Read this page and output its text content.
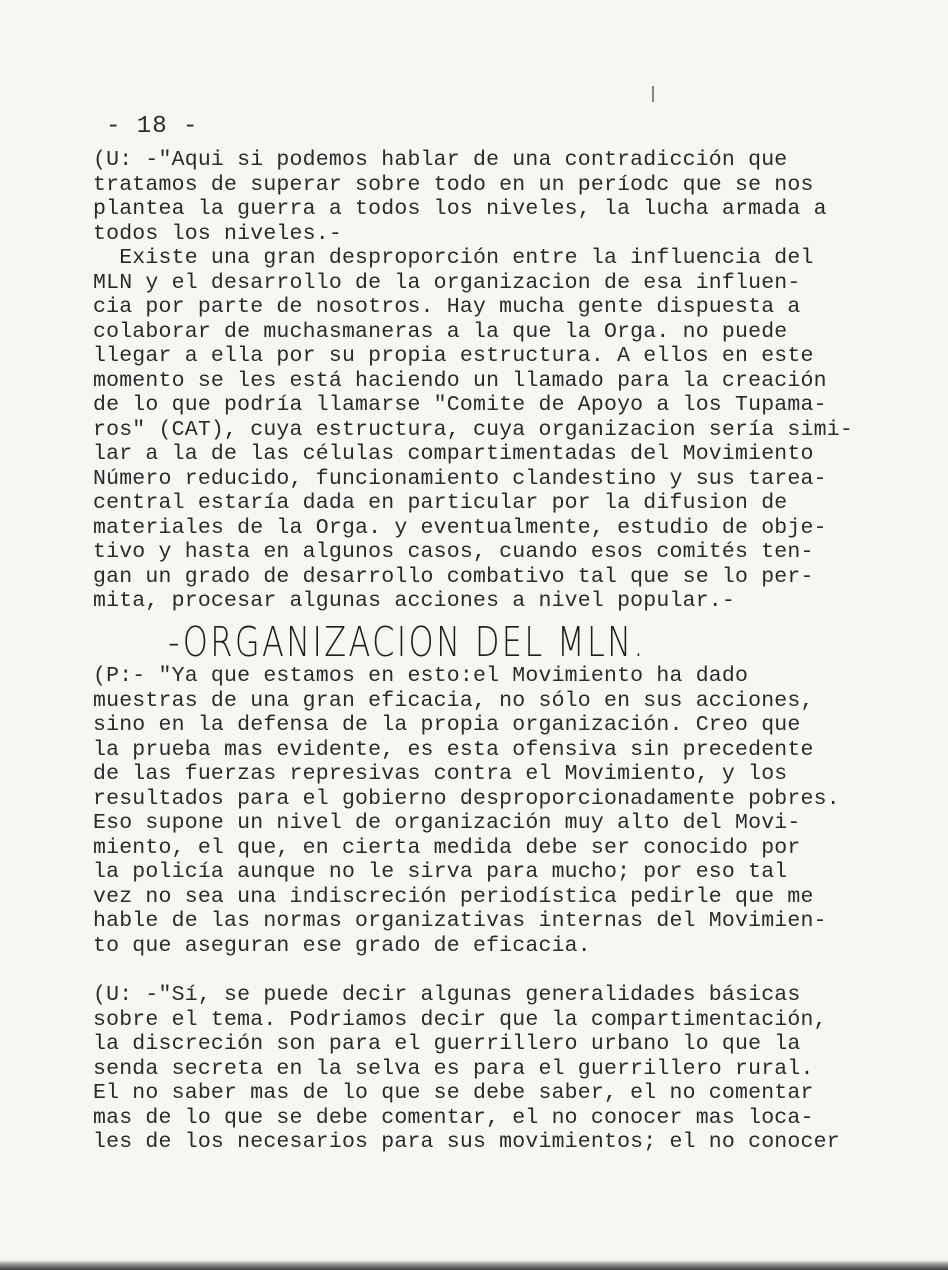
- 18 -
(U: -"Aqui si podemos hablar de una contradicción que
tratamos de superar sobre todo en un períodc que se nos
plantea la guerra a todos los niveles, la lucha armada a
todos los niveles.-
Existe una gran desproporción entre la influencia del
MLN y el desarrollo de la organizacion de esa influen-
cia por parte de nosotros. Hay mucha gente dispuesta a
colaborar de muchasmaneras a la que la Orga. no puede
llegar a ella por su propia estructura. A ellos en este
momento se les está haciendo un llamado para la creación
de lo que podría llamarse "Comite de Apoyo a los Tupama-
ros" (CAT), cuya estructura, cuya organizacion sería simi-
lar a la de las células compartimentadas del Movimiento
Número reducido, funcionamiento clandestino y sus tarea-
central estaría dada en particular por la difusion de
materiales de la Orga. y eventualmente, estudio de obje-
tivo y hasta en algunos casos, cuando esos comités ten-
gan un grado de desarrollo combativo tal que se lo per-
mita, procesar algunas acciones a nivel popular.-
-ORGANIZACION DEL MLN.
(P:- "Ya que estamos en esto:el Movimiento ha dado
muestras de una gran eficacia, no sólo en sus acciones,
sino en la defensa de la propia organización. Creo que
la prueba mas evidente, es esta ofensiva sin precedente
de las fuerzas represivas contra el Movimiento, y los
resultados para el gobierno desproporcionadamente pobres.
Eso supone un nivel de organización muy alto del Movi-
miento, el que, en cierta medida debe ser conocido por
la policía aunque no le sirva para mucho; por eso tal
vez no sea una indiscreción periodística pedirle que me
hable de las normas organizativas internas del Movimien-
to que aseguran ese grado de eficacia.
(U: -"Sí, se puede decir algunas generalidades básicas
sobre el tema. Podriamos decir que la compartimentación,
la discreción son para el guerrillero urbano lo que la
senda secreta en la selva es para el guerrillero rural.
El no saber mas de lo que se debe saber, el no comentar
mas de lo que se debe comentar, el no conocer mas loca-
les de los necesarios para sus movimientos; el no conocer
